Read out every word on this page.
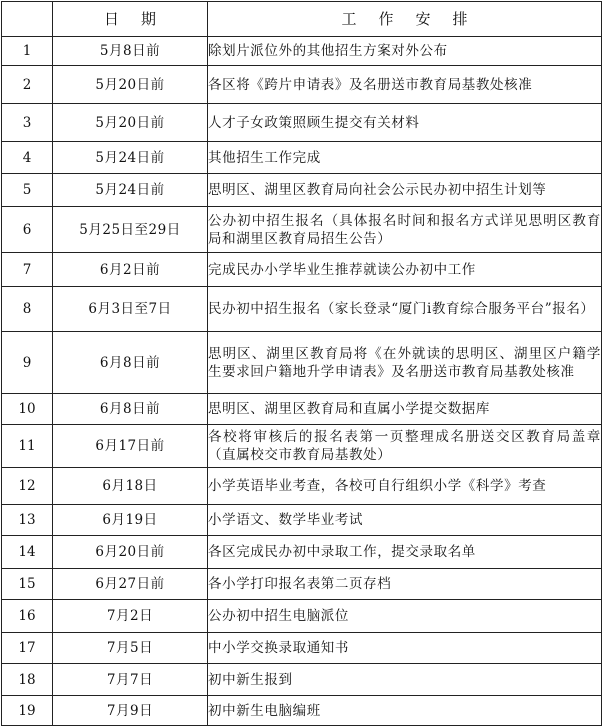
	日期	工作安排
1	5月8日前	除划片派位外的其他招生方案对外公布
2	5月20日前	各区将《跨片申请表》及名册送市教育局基教处核准
3	5月20日前	人才子女政策照顾生提交有关材料
4	5月24日前	其他招生工作完成
5	5月24日前	思明区、湖里区教育局向社会公示民办初中招生计划等
6	5月25日至29日	公办初中招生报名（具体报名时间和报名方式详见思明区教育局和湖里区教育局招生公告）
7	6月2日前	完成民办小学毕业生推荐就读公办初中工作
8	6月3日至7日	民办初中招生报名（家长登录“厦门i教育综合服务平台”报名）
9	6月8日前	思明区、湖里区教育局将《在外就读的思明区、湖里区户籍学生要求回户籍地升学申请表》及名册送市教育局基教处核准
10	6月8日前	思明区、湖里区教育局和直属小学提交数据库
11	6月17日前	各校将审核后的报名表第一页整理成名册送交区教育局盖章（直属校交市教育局基教处）
12	6月18日	小学英语毕业考查，各校可自行组织小学《科学》考查
13	6月19日	小学语文、数学毕业考试
14	6月20日前	各区完成民办初中录取工作，提交录取名单
15	6月27日前	各小学打印报名表第二页存档
16	7月2日	公办初中招生电脑派位
17	7月5日	中小学交换录取通知书
18	7月7日	初中新生报到
19	7月9日	初中新生电脑编班
